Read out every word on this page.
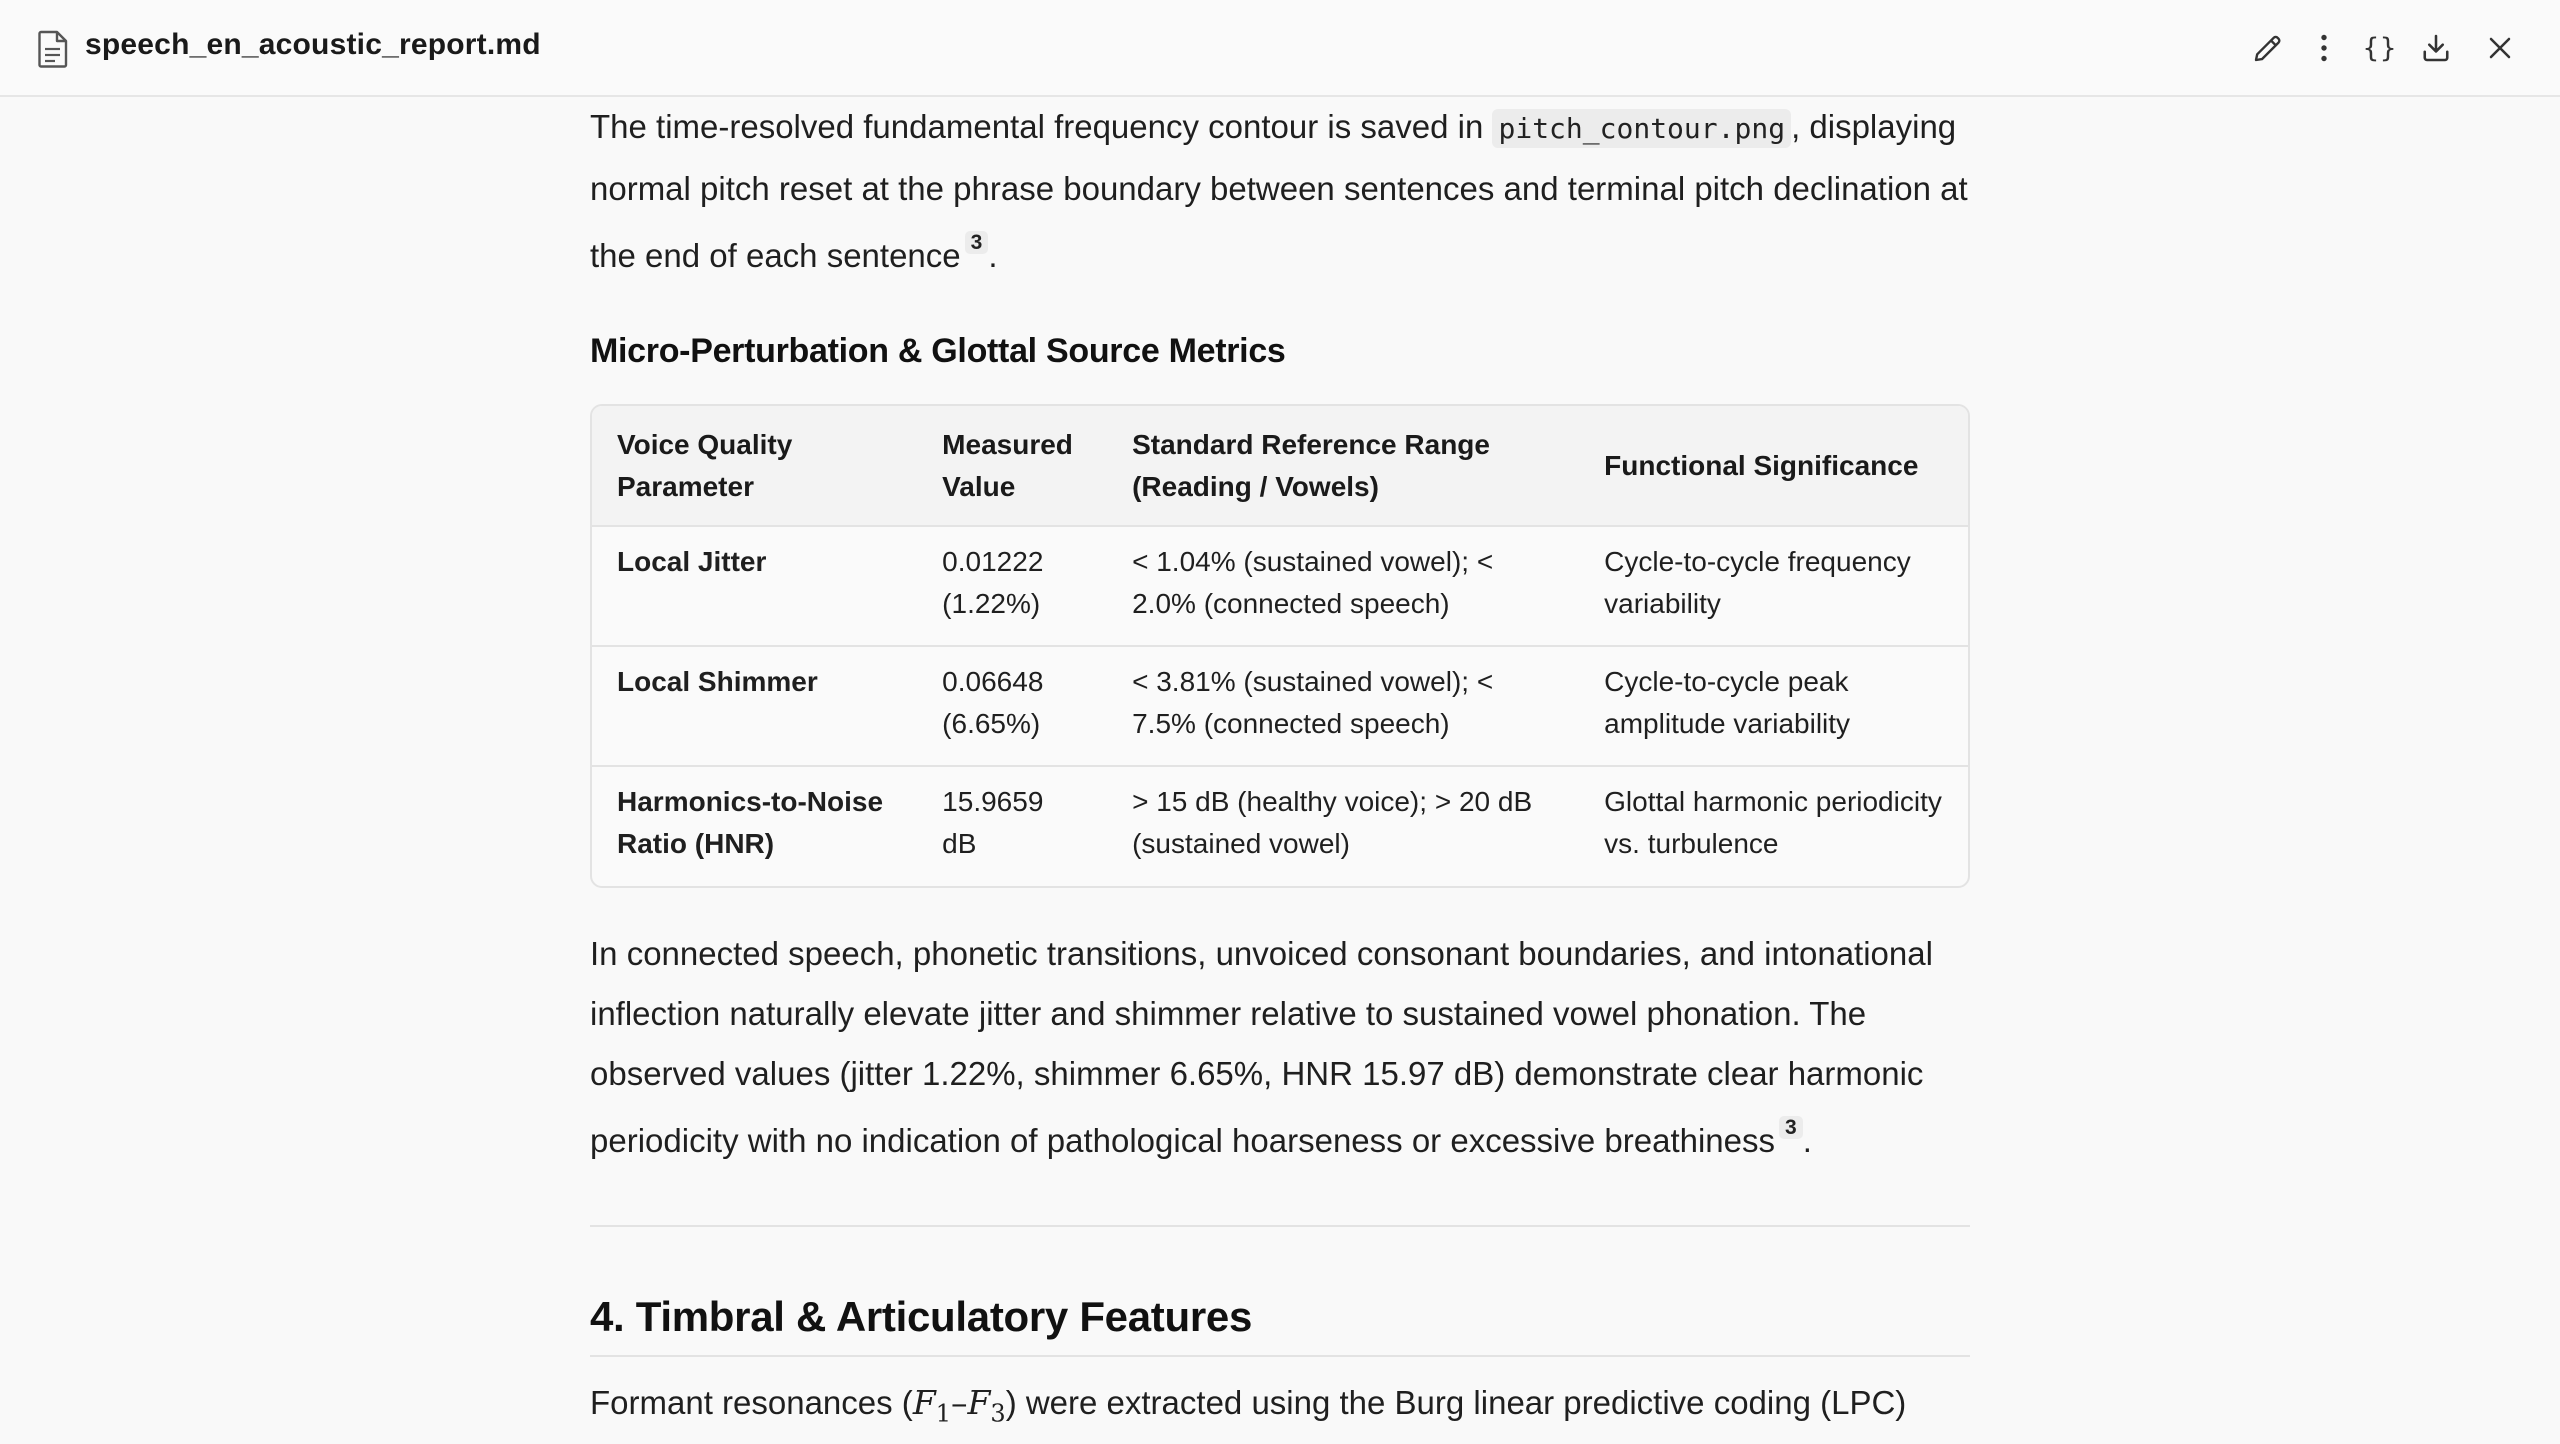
speech_en_acoustic_report.md	{}

The time-resolved fundamental frequency contour is saved in pitch_contour.png , displaying normal pitch reset at the phrase boundary between sentences and terminal pitch declination at the end of each sentence $^3$ .

Micro-Perturbation & Glottal Source Metrics
Voice Quality Parameter	Measured Value	Standard Reference Range (Reading / Vowels)	Functional Significance
Local Jitter	0.01222 (1.22%)	< 1.04% (sustained vowel); < 2.0% (connected speech)	Cycle-to-cycle frequency variability
Local Shimmer	0.06648 (6.65%)	< 3.81% (sustained vowel); < 7.5% (connected speech)	Cycle-to-cycle peak amplitude variability
Harmonics-to-Noise Ratio (HNR)	15.9659 dB	> 15 dB (healthy voice); > 20 dB (sustained vowel)	Glottal harmonic periodicity vs. turbulence

In connected speech, phonetic transitions, unvoiced consonant boundaries, and intonational inflection naturally elevate jitter and shimmer relative to sustained vowel phonation. The observed values (jitter 1.22%, shimmer 6.65%, HNR 15.97 dB) demonstrate clear harmonic periodicity with no indication of pathological hoarseness or excessive breathiness $^3$ .

4. Timbral & Articulatory Features

Formant resonances $(F_1-F_3)$ were extracted using the Burg linear predictive coding (LPC)
